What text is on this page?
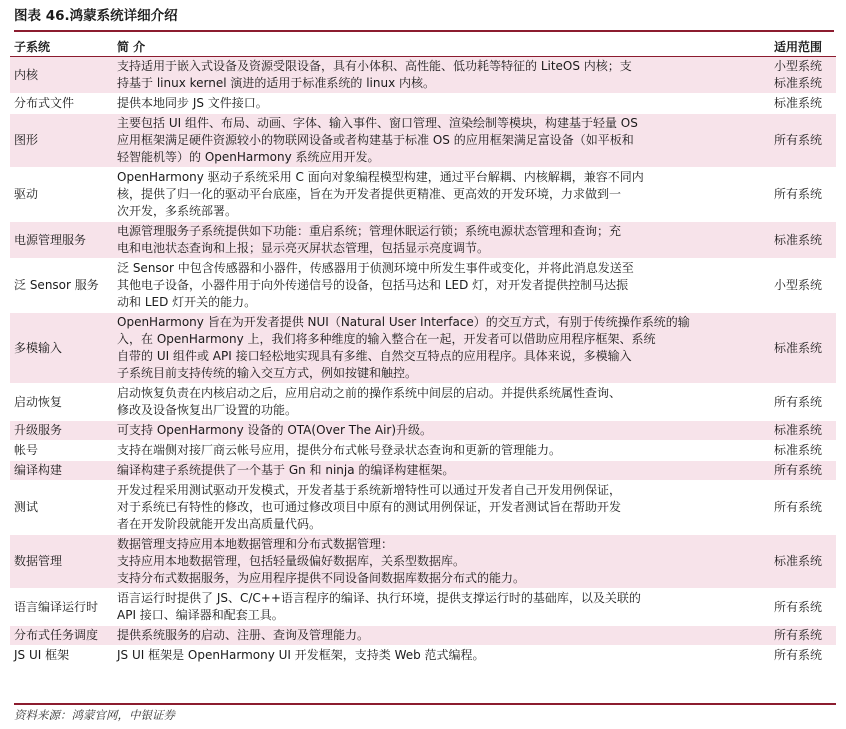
图表 46.鸿蒙系统详细介绍
子系统	简 介	适用范围
内核	支持适用于嵌入式设备及资源受限设备，具有小体积、高性能、低功耗等特征的 LiteOS 内核；支
持基于 linux kernel 演进的适用于标准系统的 linux 内核。	小型系统
标准系统
分布式文件	提供本地同步 JS 文件接口。	标准系统
图形	主要包括 UI 组件、布局、动画、字体、输入事件、窗口管理、渲染绘制等模块，构建基于轻量 OS
应用框架满足硬件资源较小的物联网设备或者构建基于标准 OS 的应用框架满足富设备（如平板和
轻智能机等）的 OpenHarmony 系统应用开发。	所有系统
驱动	OpenHarmony 驱动子系统采用 C 面向对象编程模型构建，通过平台解耦、内核解耦，兼容不同内
核，提供了归一化的驱动平台底座，旨在为开发者提供更精准、更高效的开发环境，力求做到一
次开发，多系统部署。	所有系统
电源管理服务	电源管理服务子系统提供如下功能：重启系统；管理休眠运行锁；系统电源状态管理和查询；充
电和电池状态查询和上报；显示亮灭屏状态管理，包括显示亮度调节。	标准系统
泛 Sensor 服务	泛 Sensor 中包含传感器和小器件，传感器用于侦测环境中所发生事件或变化，并将此消息发送至
其他电子设备，小器件用于向外传递信号的设备，包括马达和 LED 灯，对开发者提供控制马达振
动和 LED 灯开关的能力。	小型系统
多模输入	OpenHarmony 旨在为开发者提供 NUI（Natural User Interface）的交互方式，有别于传统操作系统的输
入，在 OpenHarmony 上，我们将多种维度的输入整合在一起，开发者可以借助应用程序框架、系统
自带的 UI 组件或 API 接口轻松地实现具有多维、自然交互特点的应用程序。具体来说，多模输入
子系统目前支持传统的输入交互方式，例如按键和触控。	标准系统
启动恢复	启动恢复负责在内核启动之后，应用启动之前的操作系统中间层的启动。并提供系统属性查询、
修改及设备恢复出厂设置的功能。	所有系统
升级服务	可支持 OpenHarmony 设备的 OTA(Over The Air)升级。	标准系统
帐号	支持在端侧对接厂商云帐号应用，提供分布式帐号登录状态查询和更新的管理能力。	标准系统
编译构建	编译构建子系统提供了一个基于 Gn 和 ninja 的编译构建框架。	所有系统
测试	开发过程采用测试驱动开发模式，开发者基于系统新增特性可以通过开发者自己开发用例保证，
对于系统已有特性的修改，也可通过修改项目中原有的测试用例保证，开发者测试旨在帮助开发
者在开发阶段就能开发出高质量代码。	所有系统
数据管理	数据管理支持应用本地数据管理和分布式数据管理：
支持应用本地数据管理，包括轻量级偏好数据库，关系型数据库。
支持分布式数据服务，为应用程序提供不同设备间数据库数据分布式的能力。	标准系统
语言编译运行时	语言运行时提供了 JS、C/C++语言程序的编译、执行环境，提供支撑运行时的基础库，以及关联的
API 接口、编译器和配套工具。	所有系统
分布式任务调度	提供系统服务的启动、注册、查询及管理能力。	所有系统
JS UI 框架	JS UI 框架是 OpenHarmony UI 开发框架，支持类 Web 范式编程。	所有系统
资料来源：鸿蒙官网，中银证券
